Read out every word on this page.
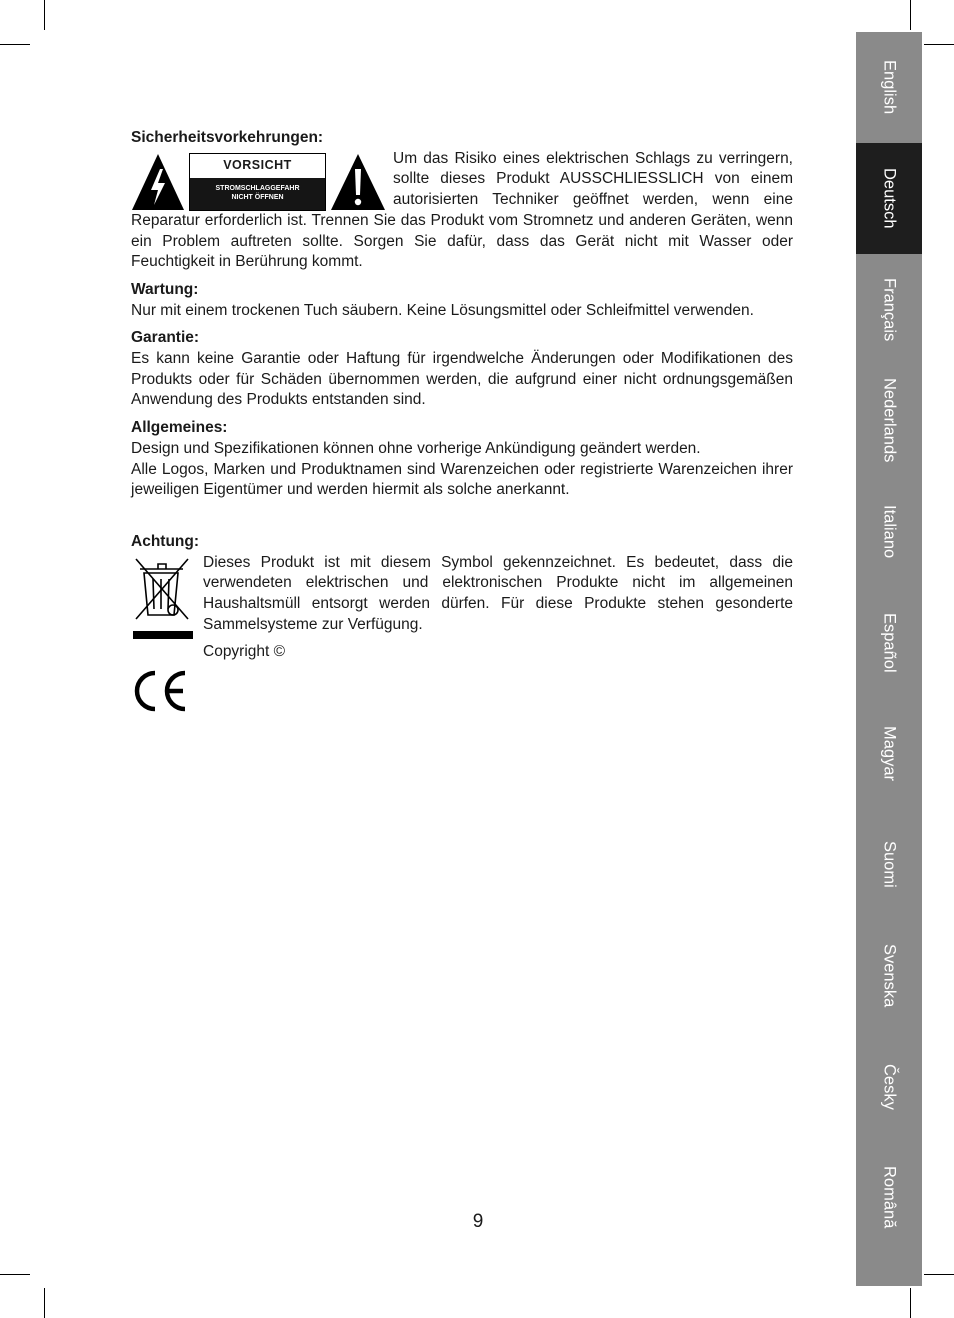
Sicherheitsvorkehrungen:

VORSICHT
STROMSCHLAGGEFAHR
NICHT ÖFFNEN

Um das Risiko eines elektrischen Schlags zu verringern, sollte dieses Produkt AUSSCHLIESSLICH von einem autorisierten Techniker geöffnet werden, wenn eine Reparatur erforderlich ist. Trennen Sie das Produkt vom Stromnetz und anderen Geräten, wenn ein Problem auftreten sollte. Sorgen Sie dafür, dass das Gerät nicht mit Wasser oder Feuchtigkeit in Berührung kommt.

Wartung:

Nur mit einem trockenen Tuch säubern. Keine Lösungsmittel oder Schleifmittel verwenden.

Garantie:

Es kann keine Garantie oder Haftung für irgendwelche Änderungen oder Modifikationen des Produkts oder für Schäden übernommen werden, die aufgrund einer nicht ordnungsgemäßen Anwendung des Produkts entstanden sind.

Allgemeines:

Design und Spezifikationen können ohne vorherige Ankündigung geändert werden.

Alle Logos, Marken und Produktnamen sind Warenzeichen oder registrierte Warenzeichen ihrer jeweiligen Eigentümer und werden hiermit als solche anerkannt.

Achtung:

Dieses Produkt ist mit diesem Symbol gekennzeichnet. Es bedeutet, dass die verwendeten elektrischen und elektronischen Produkte nicht im allgemeinen Haushaltsmüll entsorgt werden dürfen. Für diese Produkte stehen gesonderte Sammelsysteme zur Verfügung.

Copyright ©

English
Deutsch
Français
Nederlands
Italiano
Español
Magyar
Suomi
Svenska
Česky
Română
9
